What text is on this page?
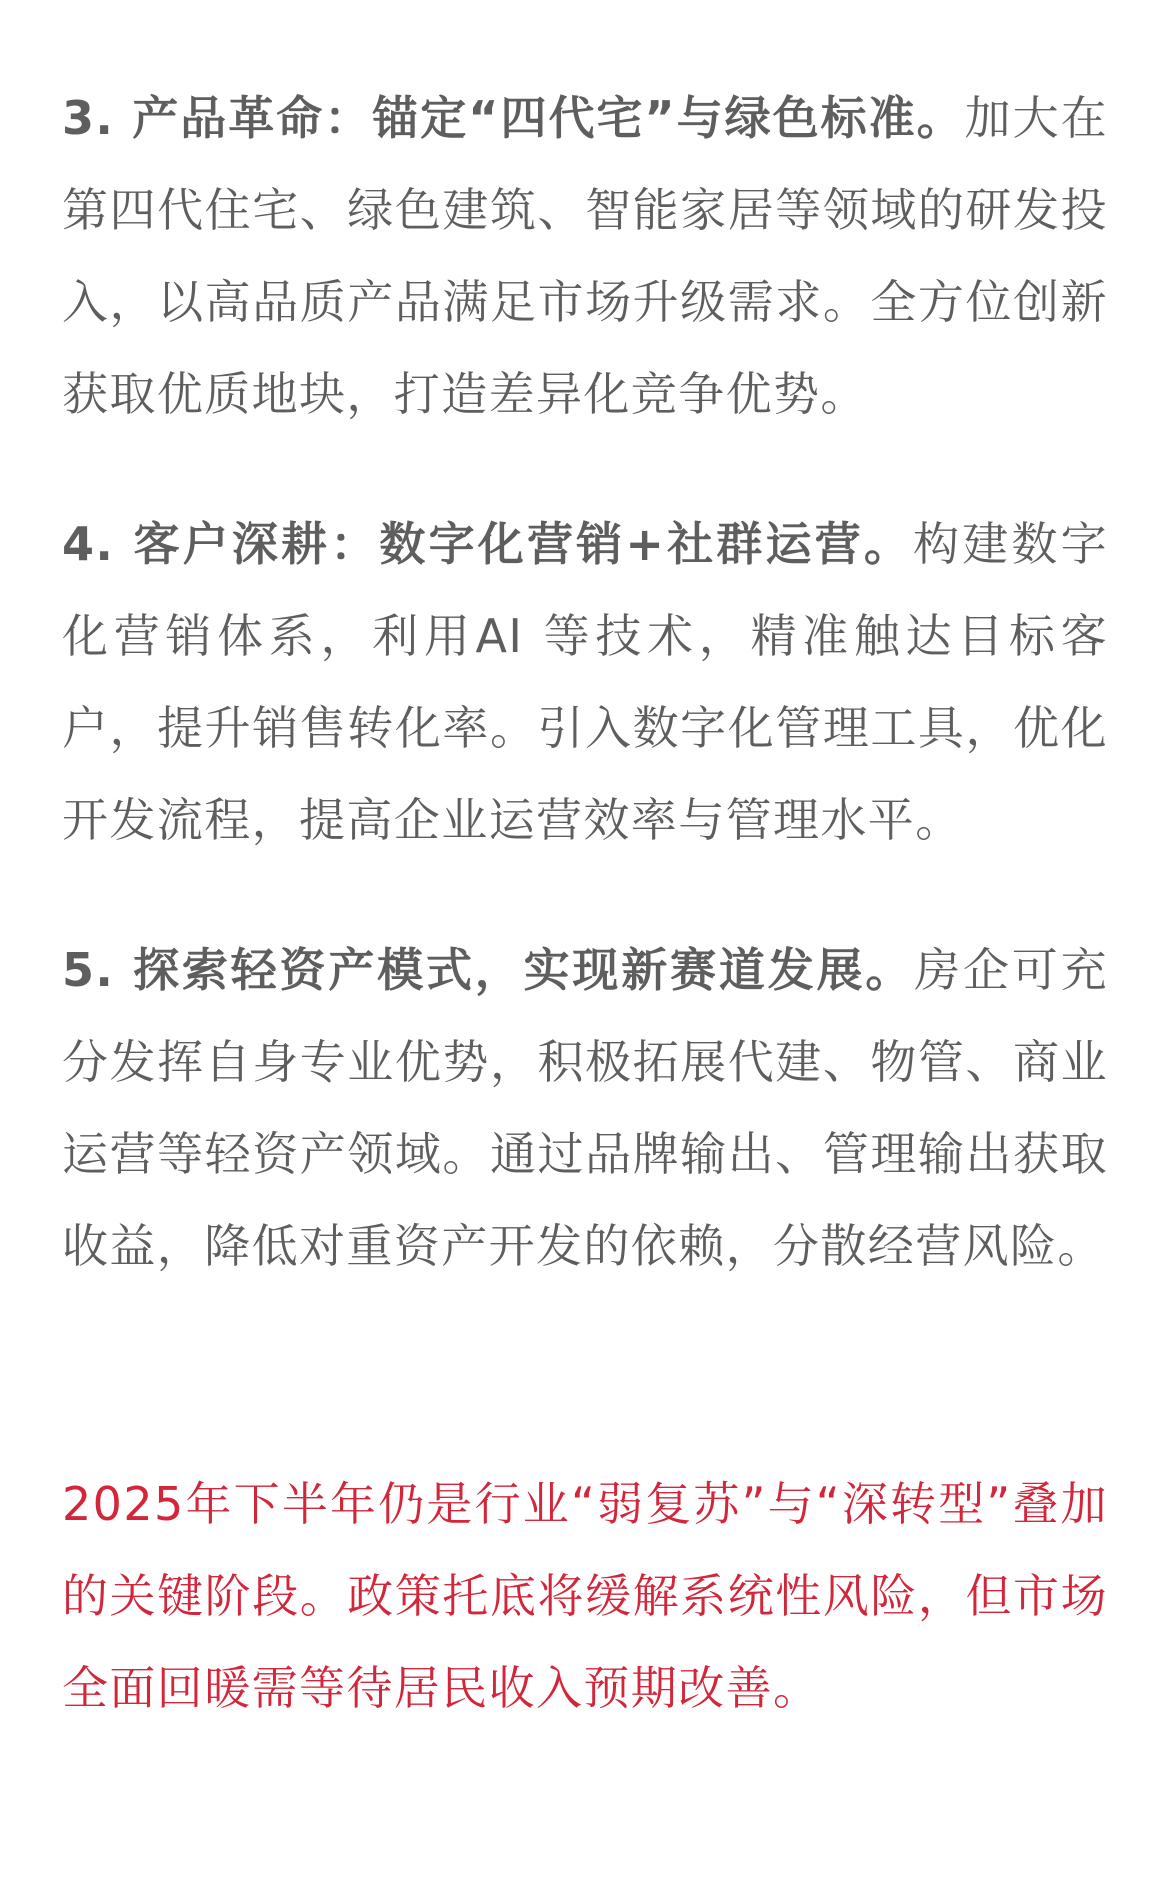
3. 产品革命：锚定“四代宅”与绿色标准。加大在第四代住宅、绿色建筑、智能家居等领域的研发投入，以高品质产品满足市场升级需求。全方位创新获取优质地块，打造差异化竞争优势。

4. 客户深耕：数字化营销+社群运营。构建数字化营销体系，利用AI 等技术，精准触达目标客户，提升销售转化率。引入数字化管理工具，优化开发流程，提高企业运营效率与管理水平。

5. 探索轻资产模式，实现新赛道发展。房企可充分发挥自身专业优势，积极拓展代建、物管、商业运营等轻资产领域。通过品牌输出、管理输出获取收益，降低对重资产开发的依赖，分散经营风险。

2025年下半年仍是行业“弱复苏”与“深转型”叠加的关键阶段。政策托底将缓解系统性风险，但市场全面回暖需等待居民收入预期改善。
